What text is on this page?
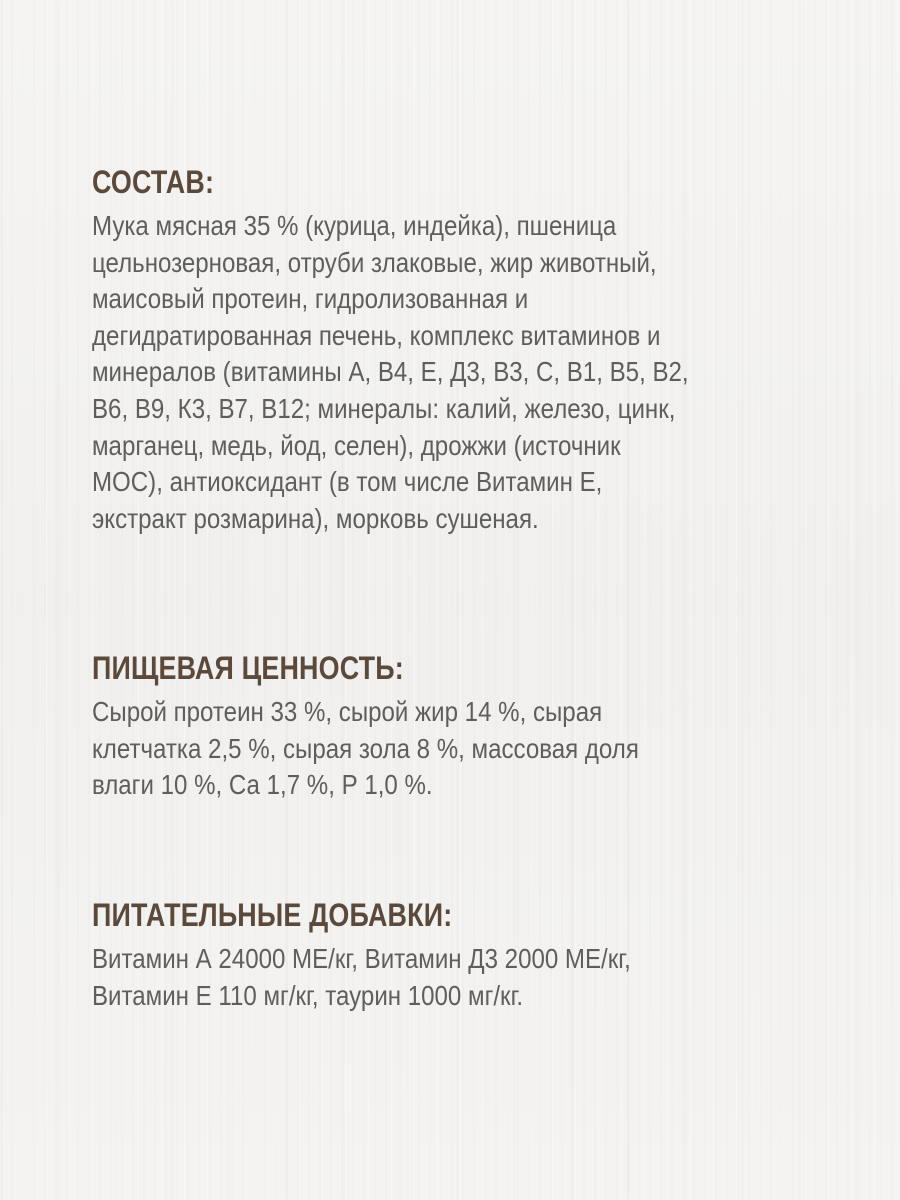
СОСТАВ:
Мука мясная 35 % (курица, индейка), пшеница
цельнозерновая, отруби злаковые, жир животный,
маисовый протеин, гидролизованная и
дегидратированная печень, комплекс витаминов и
минералов (витамины А, В4, Е, Д3, В3, С, В1, В5, В2,
В6, В9, К3, В7, В12; минералы: калий, железо, цинк,
марганец, медь, йод, селен), дрожжи (источник
МОС), антиоксидант (в том числе Витамин Е,
экстракт розмарина), морковь сушеная.
ПИЩЕВАЯ ЦЕННОСТЬ:
Сырой протеин 33 %, сырой жир 14 %, сырая
клетчатка 2,5 %, сырая зола 8 %, массовая доля
влаги 10 %, Са 1,7 %, Р 1,0 %.
ПИТАТЕЛЬНЫЕ ДОБАВКИ:
Витамин А 24000 МЕ/кг, Витамин Д3 2000 МЕ/кг,
Витамин Е 110 мг/кг, таурин 1000 мг/кг.
